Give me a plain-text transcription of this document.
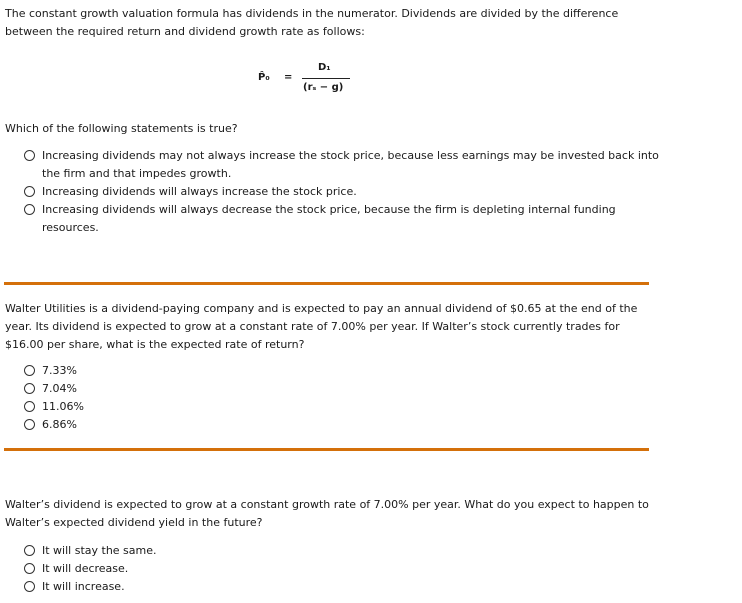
The constant growth valuation formula has dividends in the numerator. Dividends are divided by the difference between the required return and dividend growth rate as follows:

P̂₀ =
D₁
(rₛ − g)

Which of the following statements is true?

Increasing dividends may not always increase the stock price, because less earnings may be invested back into the firm and that impedes growth.
Increasing dividends will always increase the stock price.
Increasing dividends will always decrease the stock price, because the firm is depleting internal funding resources.

Walter Utilities is a dividend-paying company and is expected to pay an annual dividend of $0.65 at the end of the year. Its dividend is expected to grow at a constant rate of 7.00% per year. If Walter’s stock currently trades for $16.00 per share, what is the expected rate of return?

7.33%
7.04%
11.06%
6.86%

Walter’s dividend is expected to grow at a constant growth rate of 7.00% per year. What do you expect to happen to Walter’s expected dividend yield in the future?

It will stay the same.
It will decrease.
It will increase.
